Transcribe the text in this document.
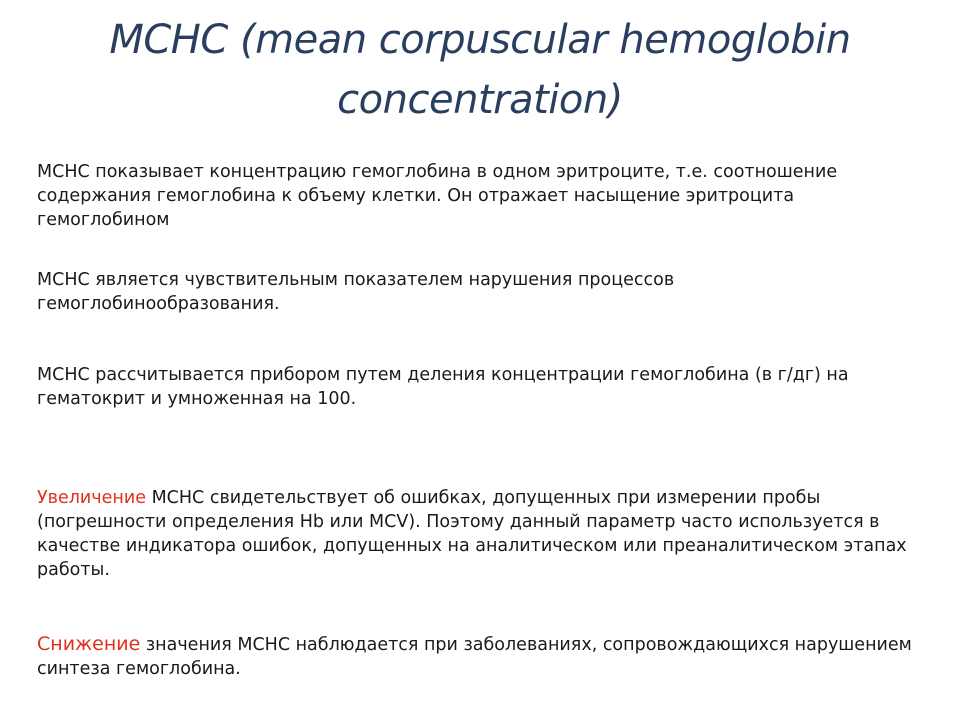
MCHC (mean corpuscular hemoglobin concentration)

МСНС показывает концентрацию гемоглобина в одном эритроците, т.е. соотношение содержания гемоглобина к объему клетки. Он отражает насыщение эритроцита гемоглобином

МСНС является чувствительным показателем нарушения процессов гемоглобинообразования.

МСНС рассчитывается прибором путем деления концентрации гемоглобина (в г/дг) на гематокрит и умноженная на 100.

Увеличение МСНС свидетельствует об ошибках, допущенных при измерении пробы (погрешности определения Hb или MCV). Поэтому данный параметр часто используется в качестве индикатора ошибок, допущенных на аналитическом или преаналитическом этапах работы.

Снижение значения МСНС наблюдается при заболеваниях, сопровождающихся нарушением синтеза гемоглобина.
